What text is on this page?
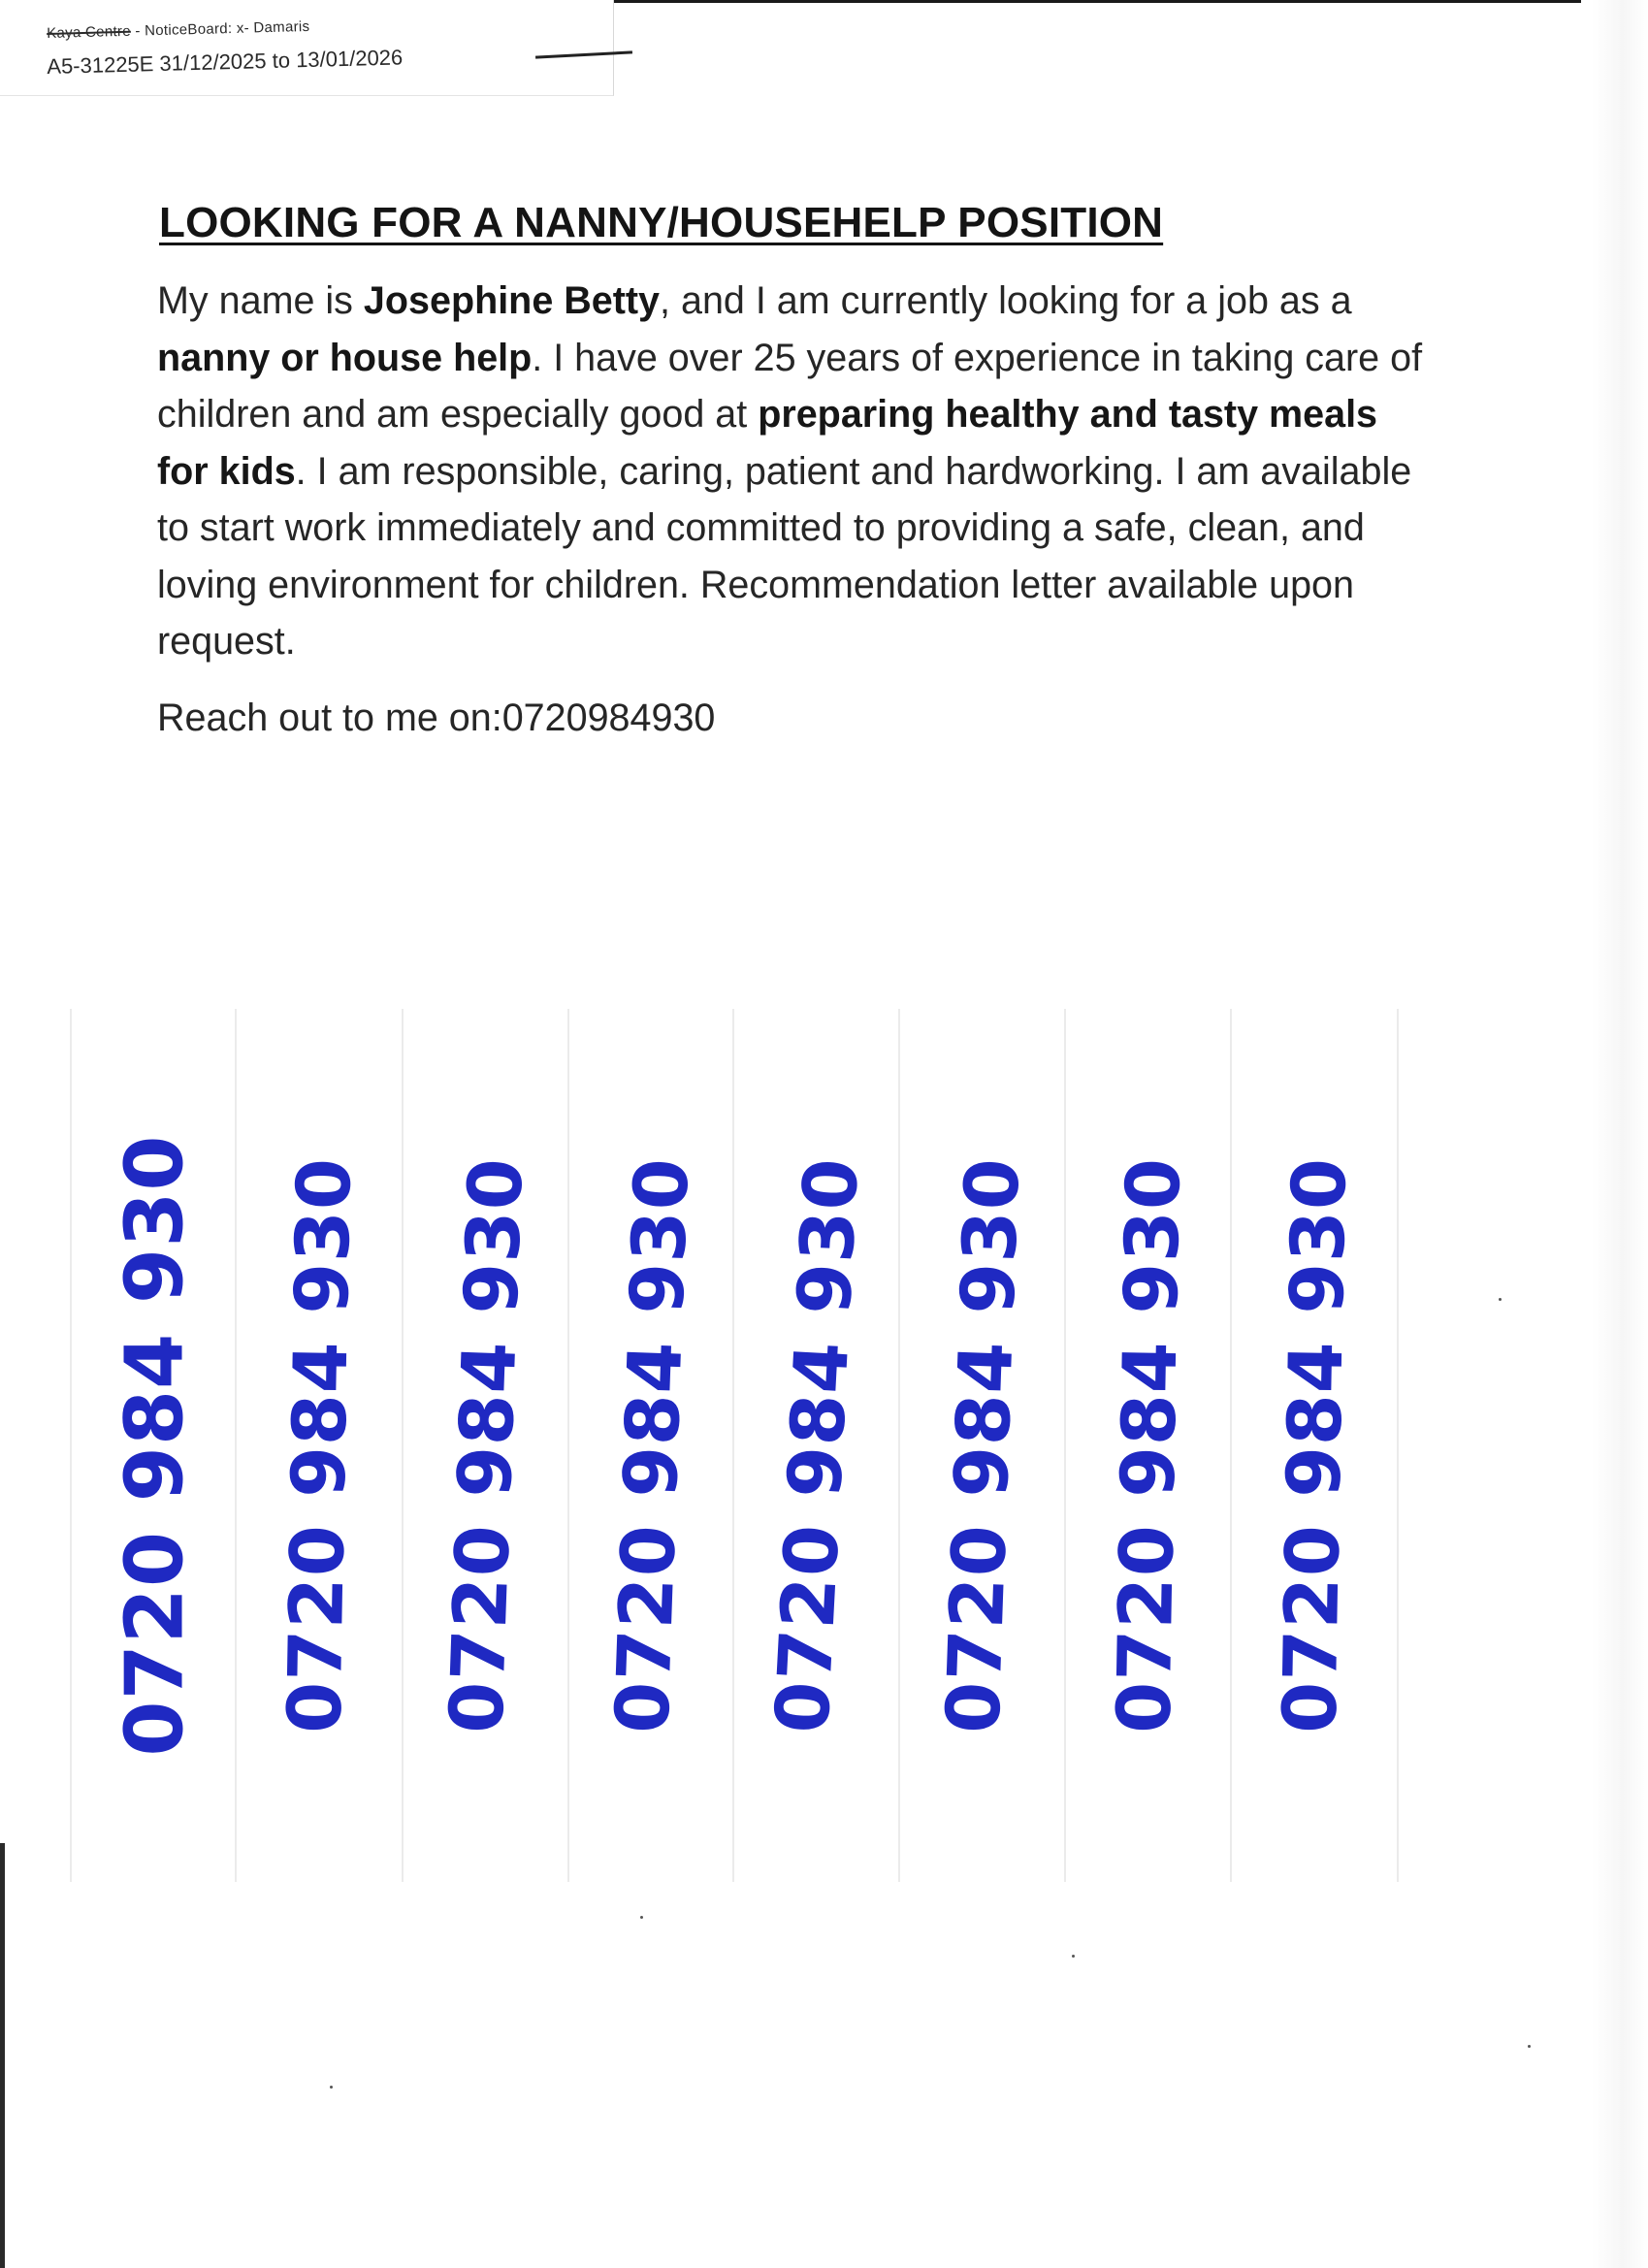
Kaya Centre - NoticeBoard: x- Damaris
A5-31225E 31/12/2025 to 13/01/2026
LOOKING FOR A NANNY/HOUSEHELP POSITION

My name is Josephine Betty, and I am currently looking for a job as a nanny or house help. I have over 25 years of experience in taking care of children and am especially good at preparing healthy and tasty meals for kids. I am responsible, caring, patient and hardworking. I am available to start work immediately and committed to providing a safe, clean, and loving environment for children. Recommendation letter available upon request.

Reach out to me on:0720984930

0720 984 930 0720 984 930 0720 984 930 0720 984 930 0720 984 930 0720 984 930 0720 984 930 0720 984 930
